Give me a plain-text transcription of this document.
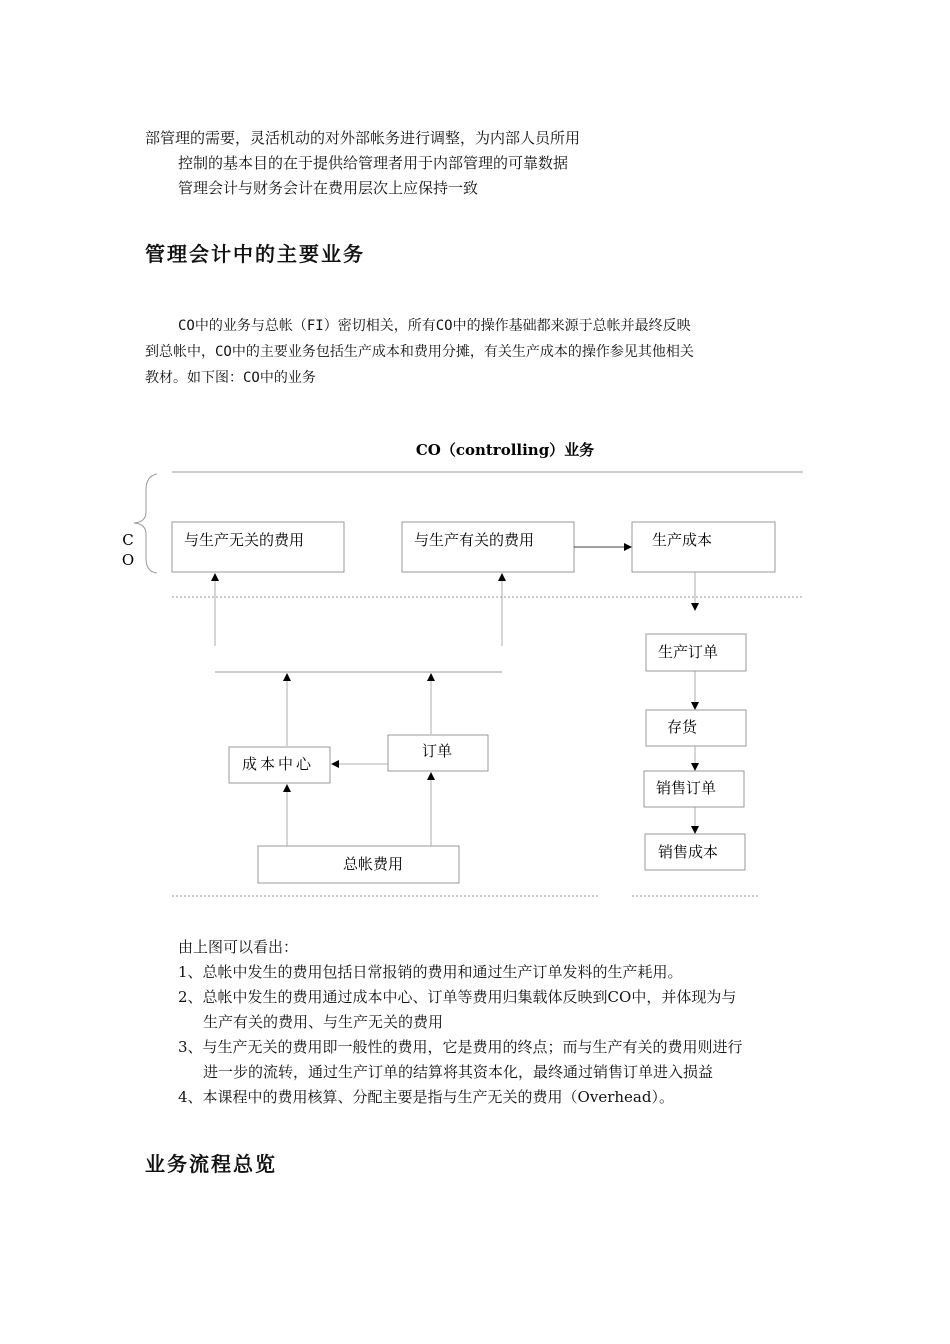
部管理的需要，灵活机动的对外部帐务进行调整，为内部人员所用
控制的基本目的在于提供给管理者用于内部管理的可靠数据
管理会计与财务会计在费用层次上应保持一致
管理会计中的主要业务
CO中的业务与总帐（FI）密切相关，所有CO中的操作基础都来源于总帐并最终反映
到总帐中，CO中的主要业务包括生产成本和费用分摊，有关生产成本的操作参见其他相关
教材。如下图：CO中的业务
CO（controlling）业务
C
O
与生产无关的费用	与生产有关的费用	生产成本
成本中心
订单
总帐费用
生产订单
存货
销售订单
销售成本
由上图可以看出：
1、总帐中发生的费用包括日常报销的费用和通过生产订单发料的生产耗用。
2、总帐中发生的费用通过成本中心、订单等费用归集载体反映到CO中，并体现为与
生产有关的费用、与生产无关的费用
3、与生产无关的费用即一般性的费用，它是费用的终点；而与生产有关的费用则进行
进一步的流转，通过生产订单的结算将其资本化，最终通过销售订单进入损益
4、本课程中的费用核算、分配主要是指与生产无关的费用（Overhead）。
业务流程总览
